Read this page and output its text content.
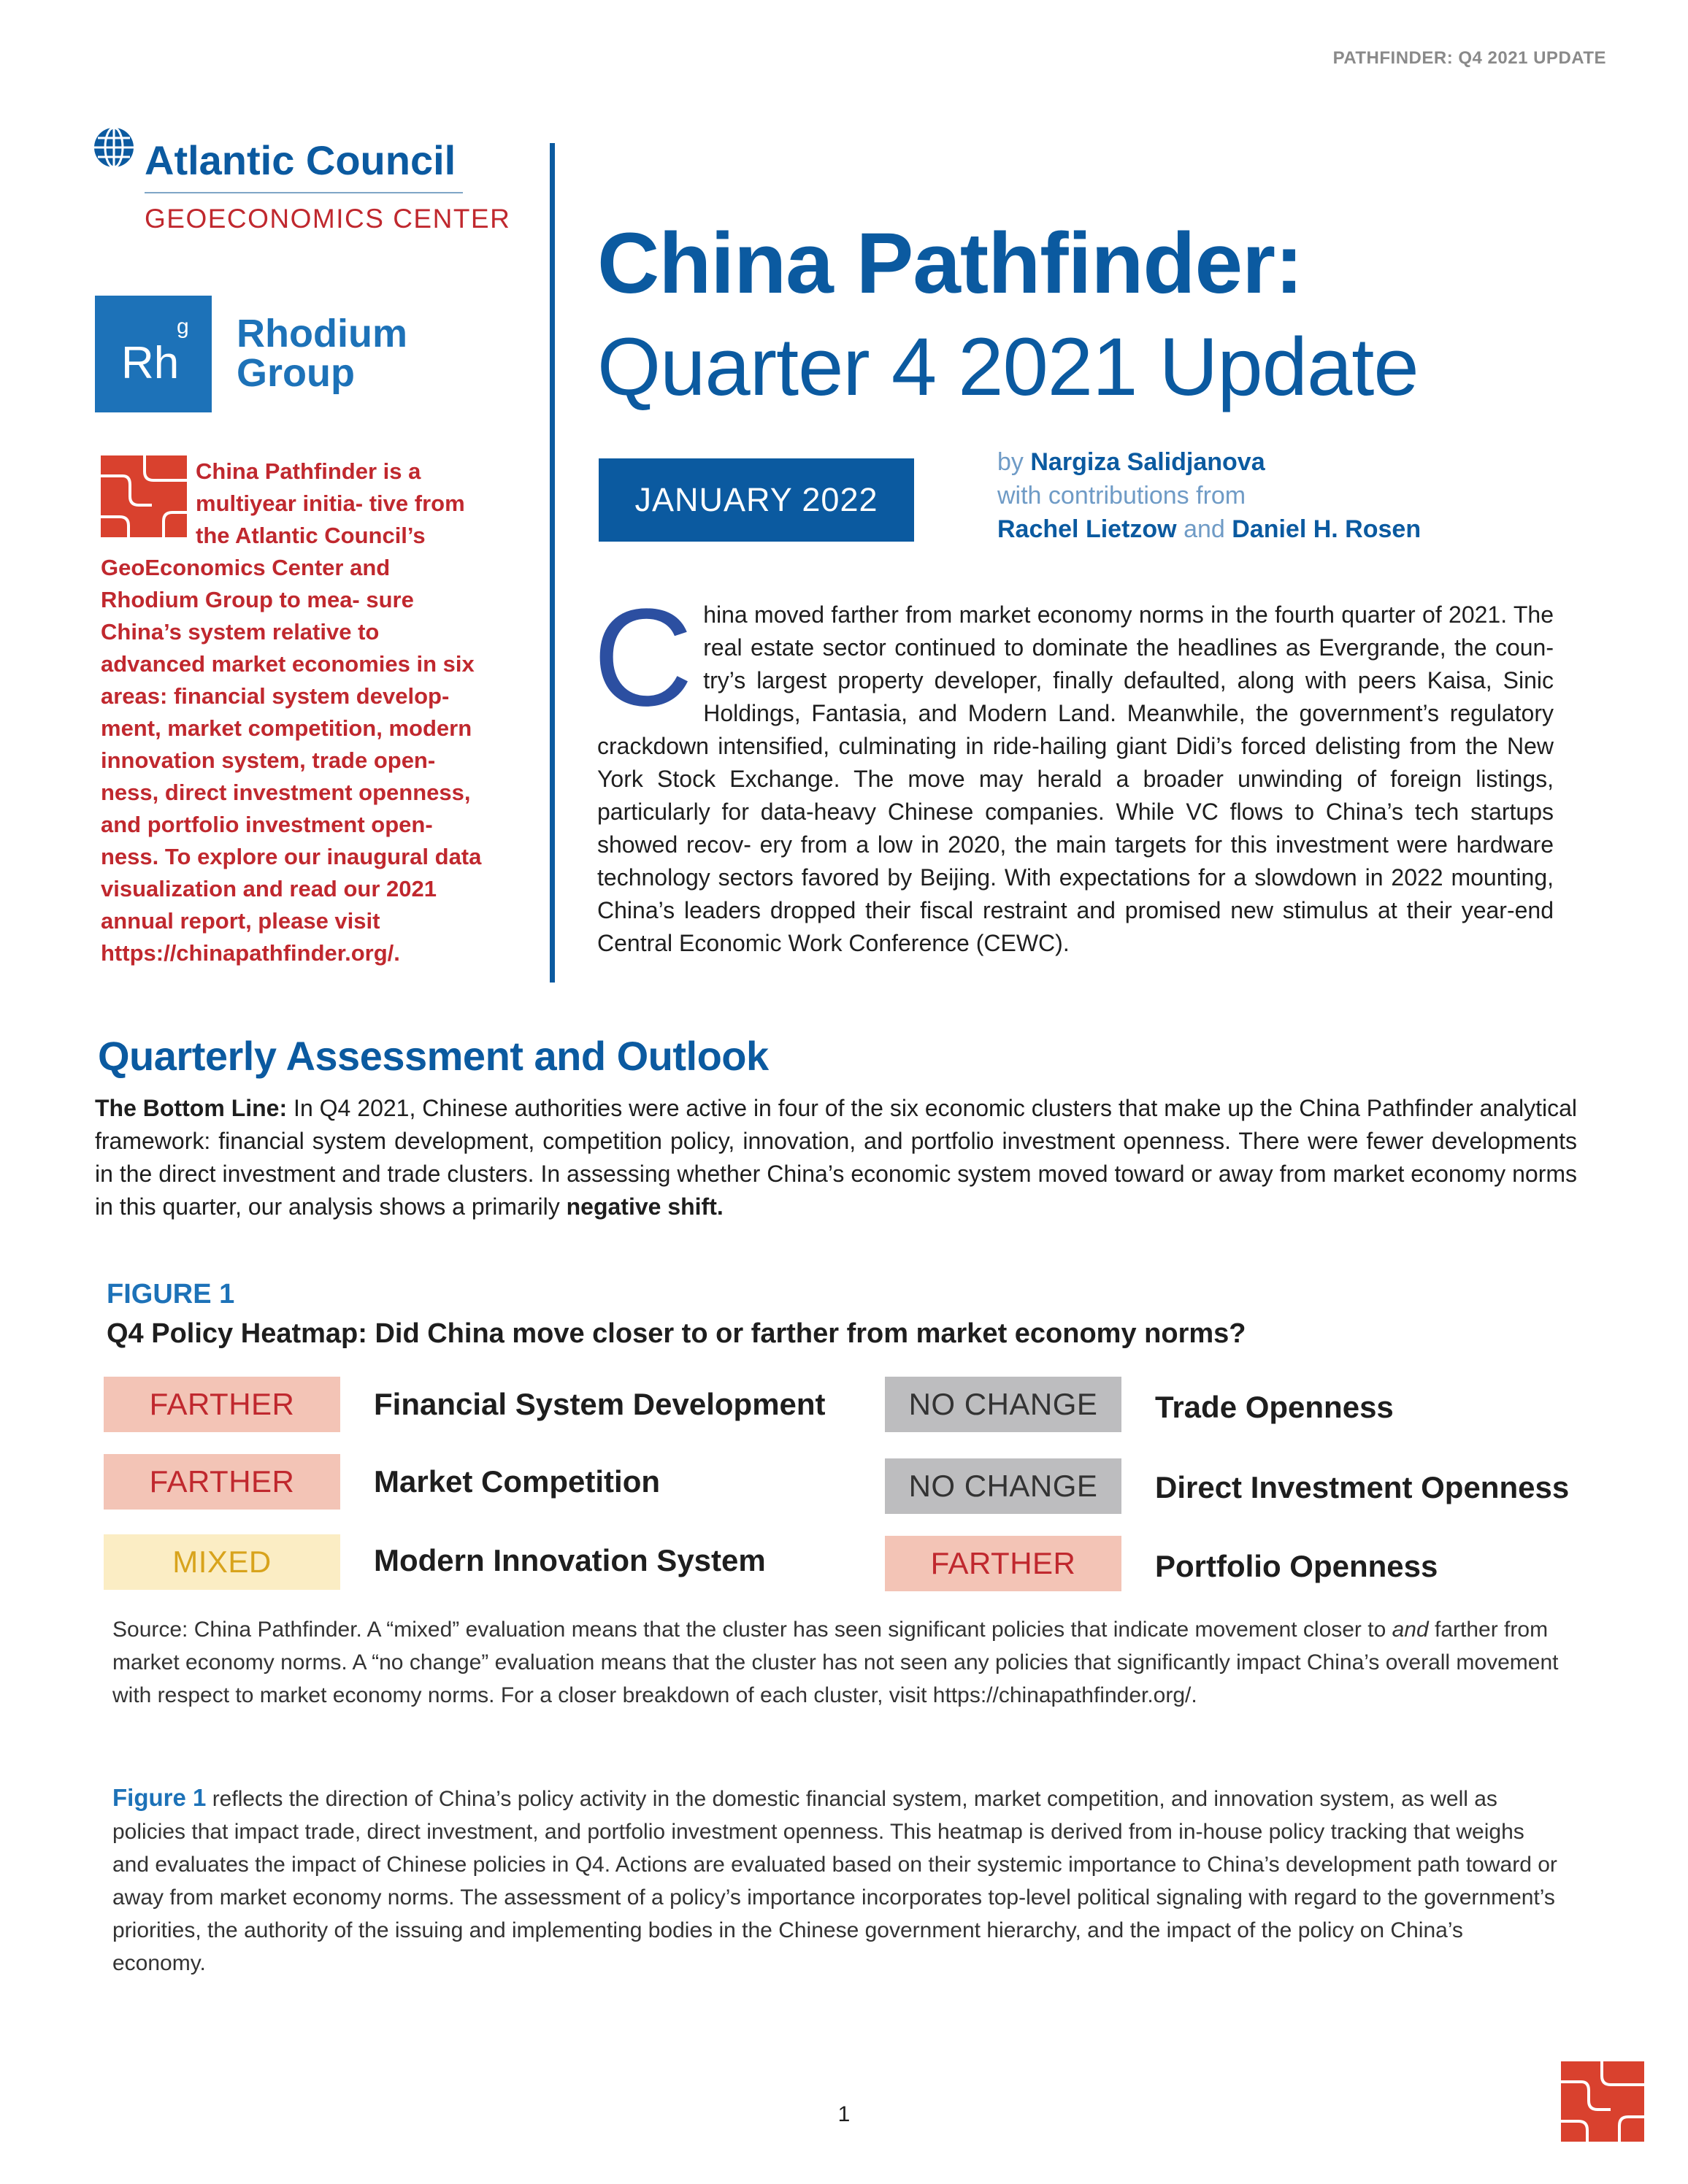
PATHFINDER: Q4 2021 UPDATE
Atlantic Council
GEOECONOMICS CENTER
Rh
g Rhodium
Group
China Pathfinder is a multiyear initia- tive from the Atlantic Council’s GeoEconomics Center and Rhodium Group to mea- sure China’s system relative to advanced market economies in six areas: financial system develop- ment, market competition, modern innovation system, trade open- ness, direct investment openness, and portfolio investment open- ness. To explore our inaugural data visualization and read our 2021 annual report, please visit https://chinapathfinder.org/.
China Pathfinder:
Quarter 4 2021 Update
JANUARY 2022
by Nargiza Salidjanova
with contributions from
Rachel Lietzow and Daniel H. Rosen
C hina moved farther from market economy norms in the fourth quarter of 2021. The real estate sector continued to dominate the headlines as Evergrande, the coun- try’s largest property developer, finally defaulted, along with peers Kaisa, Sinic Holdings, Fantasia, and Modern Land. Meanwhile, the government’s regulatory crackdown intensified, culminating in ride-hailing giant Didi’s forced delisting from the New York Stock Exchange. The move may herald a broader unwinding of foreign listings, particularly for data-heavy Chinese companies. While VC flows to China’s tech startups showed recov- ery from a low in 2020, the main targets for this investment were hardware technology sectors favored by Beijing. With expectations for a slowdown in 2022 mounting, China’s leaders dropped their fiscal restraint and promised new stimulus at their year-end Central Economic Work Conference (CEWC).
Quarterly Assessment and Outlook
The Bottom Line: In Q4 2021, Chinese authorities were active in four of the six economic clusters that make up the China Pathfinder analytical framework: financial system development, competition policy, innovation, and portfolio investment openness. There were fewer developments in the direct investment and trade clusters. In assessing whether China’s economic system moved toward or away from market economy norms in this quarter, our analysis shows a primarily negative shift.
FIGURE 1
Q4 Policy Heatmap: Did China move closer to or farther from market economy norms?
FARTHER	Financial System Development
FARTHER	Market Competition
MIXED	Modern Innovation System
NO CHANGE	Trade Openness
NO CHANGE	Direct Investment Openness
FARTHER	Portfolio Openness
Source: China Pathfinder. A “mixed” evaluation means that the cluster has seen significant policies that indicate movement closer to and farther from market economy norms. A “no change” evaluation means that the cluster has not seen any policies that significantly impact China’s overall movement with respect to market economy norms. For a closer breakdown of each cluster, visit https://chinapathfinder.org/.
Figure 1 reflects the direction of China’s policy activity in the domestic financial system, market competition, and innovation system, as well as policies that impact trade, direct investment, and portfolio investment openness. This heatmap is derived from in-house policy tracking that weighs and evaluates the impact of Chinese policies in Q4. Actions are evaluated based on their systemic importance to China’s development path toward or away from market economy norms. The assessment of a policy’s importance incorporates top-level political signaling with regard to the government’s priorities, the authority of the issuing and implementing bodies in the Chinese government hierarchy, and the impact of the policy on China’s economy.
1
